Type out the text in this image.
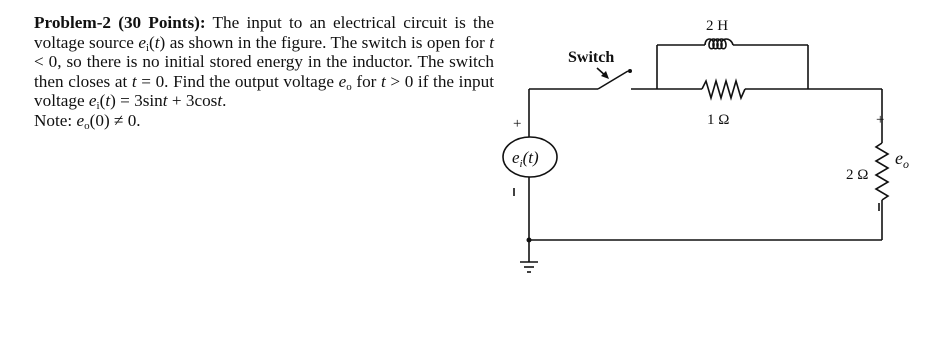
Problem-2 (30 Points): The input to an electrical circuit is the voltage source $e_i(t)$ as shown in the figure. The switch is open for t < 0, so there is no initial stored energy in the inductor. The switch then closes at t = 0. Find the output voltage $e_o$ for t > 0 if the input voltage $e_i(t) = 3\sin t + 3\cos t$.
Note: $e_o(0) \ne 0$.
Switch
2 H
1 Ω
2 Ω
+	+
$e_i(t)$	$e_o$
